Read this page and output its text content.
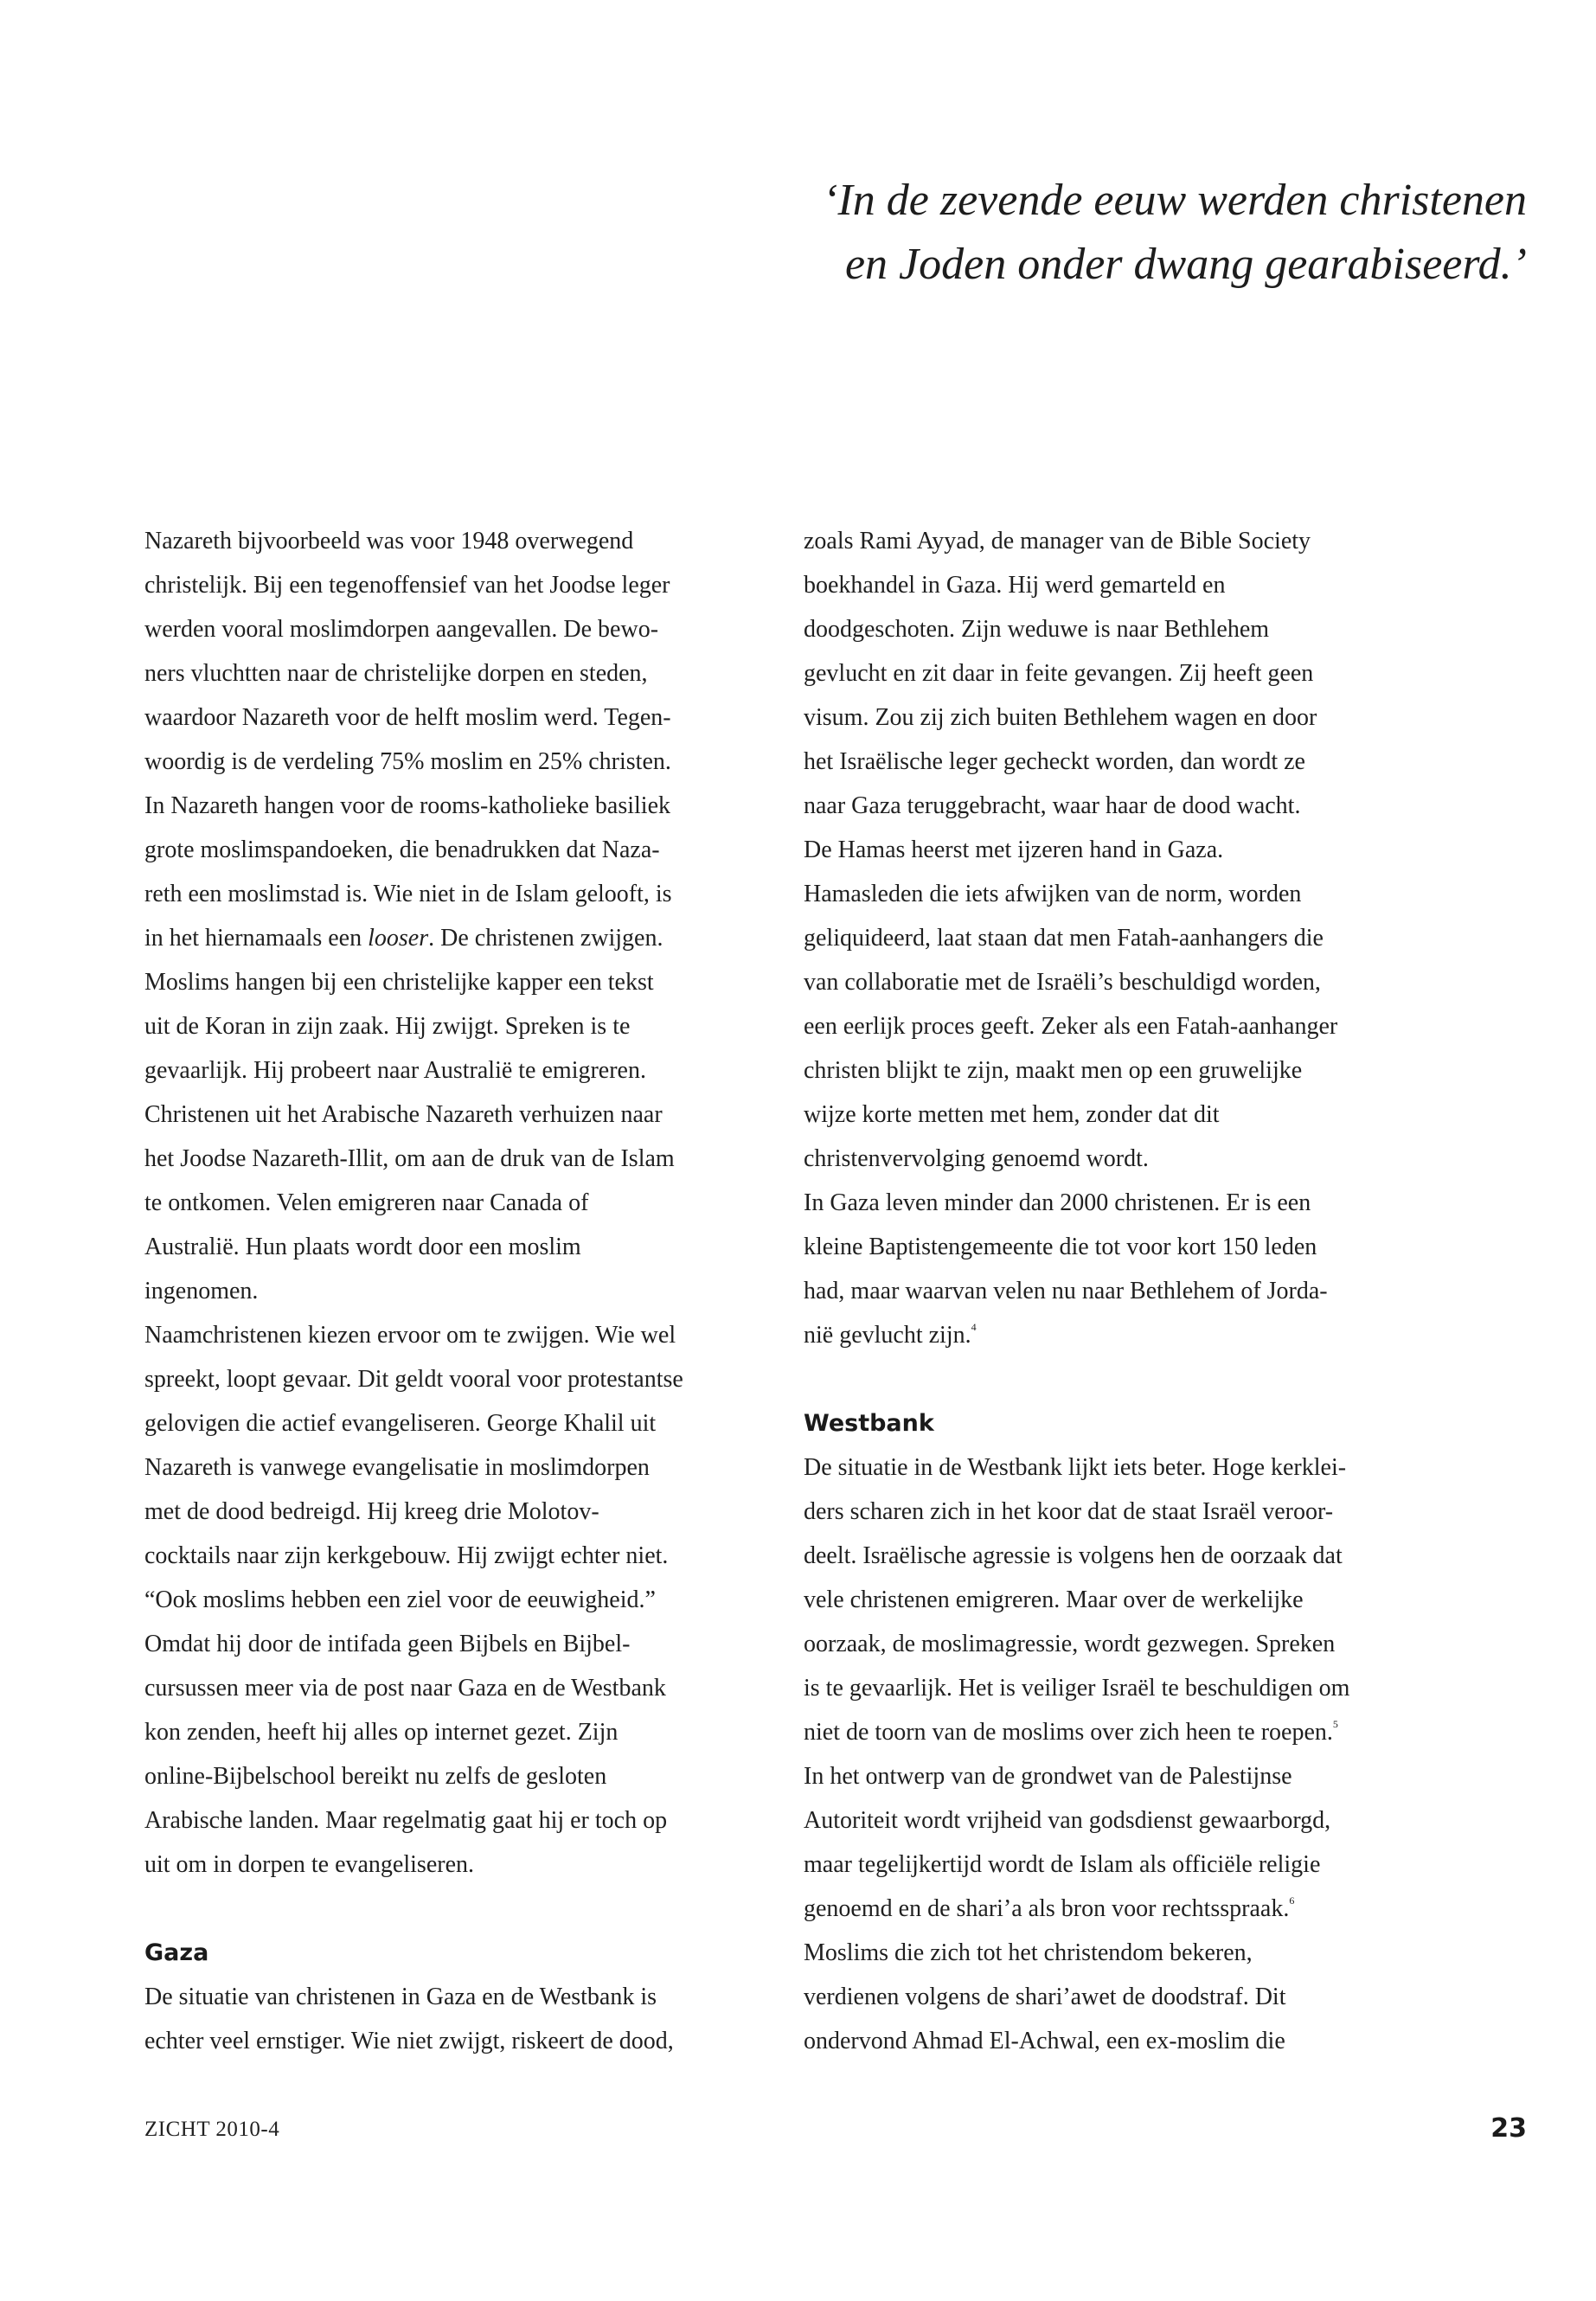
‘In de zevende eeuw werden christenen
en Joden onder dwang gearabiseerd.’

Nazareth bijvoorbeeld was voor 1948 overwegend
christelijk. Bij een tegenoffensief van het Joodse leger
werden vooral moslimdorpen aangevallen. De bewo-
ners vluchtten naar de christelijke dorpen en steden,
waardoor Nazareth voor de helft moslim werd. Tegen-
woordig is de verdeling 75% moslim en 25% christen.
In Nazareth hangen voor de rooms-katholieke basiliek
grote moslimspandoeken, die benadrukken dat Naza-
reth een moslimstad is. Wie niet in de Islam gelooft, is
in het hiernamaals een looser. De christenen zwijgen.
Moslims hangen bij een christelijke kapper een tekst
uit de Koran in zijn zaak. Hij zwijgt. Spreken is te
gevaarlijk. Hij probeert naar Australië te emigreren.
Christenen uit het Arabische Nazareth verhuizen naar
het Joodse Nazareth-Illit, om aan de druk van de Islam
te ontkomen. Velen emigreren naar Canada of
Australië. Hun plaats wordt door een moslim
ingenomen.

Naamchristenen kiezen ervoor om te zwijgen. Wie wel
spreekt, loopt gevaar. Dit geldt vooral voor protestantse
gelovigen die actief evangeliseren. George Khalil uit
Nazareth is vanwege evangelisatie in moslimdorpen
met de dood bedreigd. Hij kreeg drie Molotov-
cocktails naar zijn kerkgebouw. Hij zwijgt echter niet.
“Ook moslims hebben een ziel voor de eeuwigheid.”
Omdat hij door de intifada geen Bijbels en Bijbel-
cursussen meer via de post naar Gaza en de Westbank
kon zenden, heeft hij alles op internet gezet. Zijn
online-Bijbelschool bereikt nu zelfs de gesloten
Arabische landen. Maar regelmatig gaat hij er toch op
uit om in dorpen te evangeliseren.

Gaza

De situatie van christenen in Gaza en de Westbank is
echter veel ernstiger. Wie niet zwijgt, riskeert de dood,

zoals Rami Ayyad, de manager van de Bible Society
boekhandel in Gaza. Hij werd gemarteld en
doodgeschoten. Zijn weduwe is naar Bethlehem
gevlucht en zit daar in feite gevangen. Zij heeft geen
visum. Zou zij zich buiten Bethlehem wagen en door
het Israëlische leger gecheckt worden, dan wordt ze
naar Gaza teruggebracht, waar haar de dood wacht.

De Hamas heerst met ijzeren hand in Gaza.
Hamasleden die iets afwijken van de norm, worden
geliquideerd, laat staan dat men Fatah-aanhangers die
van collaboratie met de Israëli’s beschuldigd worden,
een eerlijk proces geeft. Zeker als een Fatah-aanhanger
christen blijkt te zijn, maakt men op een gruwelijke
wijze korte metten met hem, zonder dat dit
christenvervolging genoemd wordt.

In Gaza leven minder dan 2000 christenen. Er is een
kleine Baptistengemeente die tot voor kort 150 leden
had, maar waarvan velen nu naar Bethlehem of Jorda-
nië gevlucht zijn.$^4$

Westbank

De situatie in de Westbank lijkt iets beter. Hoge kerklei-
ders scharen zich in het koor dat de staat Israël veroor-
deelt. Israëlische agressie is volgens hen de oorzaak dat
vele christenen emigreren. Maar over de werkelijke
oorzaak, de moslimagressie, wordt gezwegen. Spreken
is te gevaarlijk. Het is veiliger Israël te beschuldigen om
niet de toorn van de moslims over zich heen te roepen.$^5$

In het ontwerp van de grondwet van de Palestijnse
Autoriteit wordt vrijheid van godsdienst gewaarborgd,
maar tegelijkertijd wordt de Islam als officiële religie
genoemd en de shari’a als bron voor rechtsspraak.$^6$

Moslims die zich tot het christendom bekeren,
verdienen volgens de shari’awet de doodstraf. Dit
ondervond Ahmad El-Achwal, een ex-moslim die

ZICHT 2010-4	23
